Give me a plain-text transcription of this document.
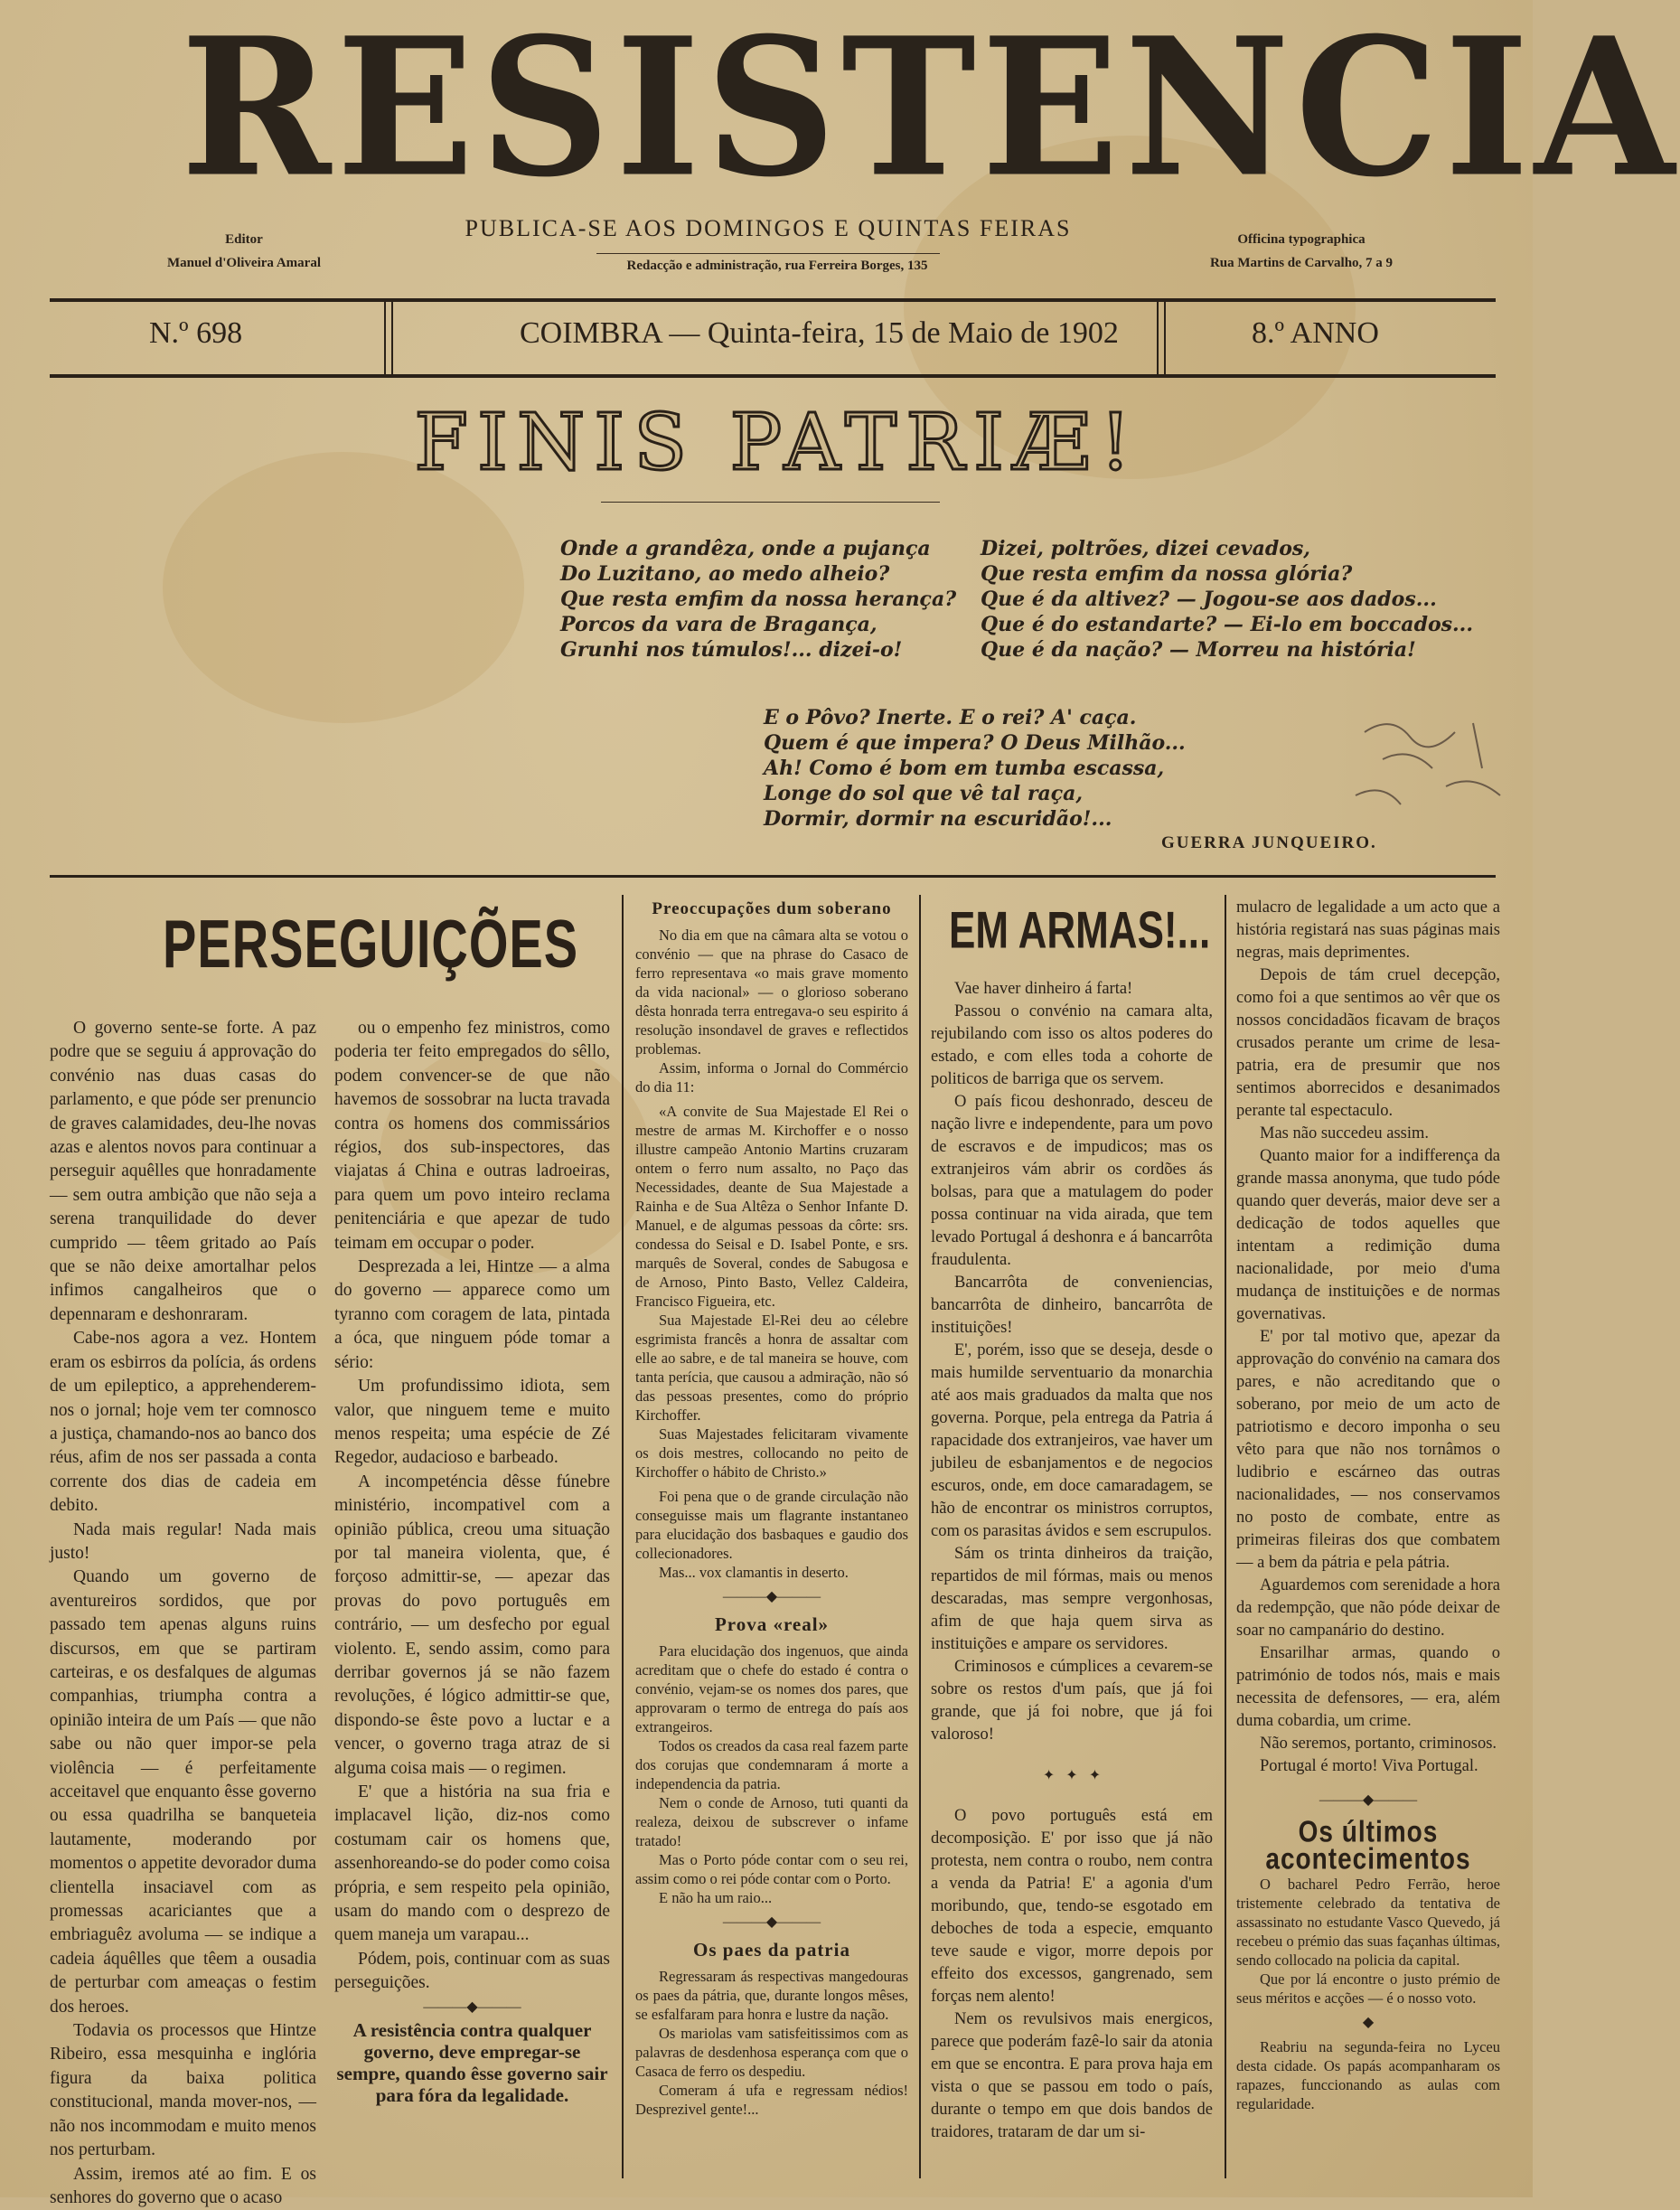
RESISTENCIA
Editor
Manuel d'Oliveira Amaral
PUBLICA-SE AOS DOMINGOS E QUINTAS FEIRAS
Redacção e administração, rua Ferreira Borges, 135
Officina typographica
Rua Martins de Carvalho, 7 a 9
N.º 698	COIMBRA — Quinta-feira, 15 de Maio de 1902	8.º ANNO
FINIS PATRIÆ!
Onde a grandêza, onde a pujança
Do Luzitano, ao medo alheio?
Que resta emfim da nossa herança?
Porcos da vara de Bragança,
Grunhi nos túmulos!... dizei-o!
Dizei, poltrões, dizei cevados,
Que resta emfim da nossa glória?
Que é da altivez? — Jogou-se aos dados...
Que é do estandarte? — Ei-lo em boccados...
Que é da nação? — Morreu na história!
E o Pôvo? Inerte. E o rei? A' caça.
Quem é que impera? O Deus Milhão...
Ah! Como é bom em tumba escassa,
Longe do sol que vê tal raça,
Dormir, dormir na escuridão!...
GUERRA JUNQUEIRO.
PERSEGUIÇÕES

O governo sente-se forte. A paz podre que se seguiu á approvação do convénio nas duas casas do parlamento, e que póde ser prenuncio de graves calamidades, deu-lhe novas azas e alentos novos para continuar a perseguir aquêlles que honradamente — sem outra ambição que não seja a serena tranquilidade do dever cumprido — têem gritado ao País que se não deixe amortalhar pelos infimos cangalheiros que o depennaram e deshonraram.

Cabe-nos agora a vez. Hontem eram os esbirros da polícia, ás ordens de um epileptico, a apprehenderem-nos o jornal; hoje vem ter comnosco a justiça, chamando-nos ao banco dos réus, afim de nos ser passada a conta corrente dos dias de cadeia em debito.

Nada mais regular! Nada mais justo!

Quando um governo de aventureiros sordidos, que por passado tem apenas alguns ruins discursos, em que se partiram carteiras, e os desfalques de algumas companhias, triumpha contra a opinião inteira de um País — que não sabe ou não quer impor-se pela violência — é perfeitamente acceitavel que enquanto êsse governo ou essa quadrilha se banqueteia lautamente, moderando por momentos o appetite devorador duma clientella insaciavel com as promessas acariciantes que a embriaguêz avoluma — se indique a cadeia áquêlles que têem a ousadia de perturbar com ameaças o festim dos heroes.

Todavia os processos que Hintze Ribeiro, essa mesquinha e inglória figura da baixa politica constitucional, manda mover-nos, — não nos incommodam e muito menos nos perturbam.

Assim, iremos até ao fim. E os senhores do governo que o acaso

ou o empenho fez ministros, como poderia ter feito empregados do sêllo, podem convencer-se de que não havemos de sossobrar na lucta travada contra os homens dos commissários régios, dos sub-inspectores, das viajatas á China e outras ladroeiras, para quem um povo inteiro reclama penitenciária e que apezar de tudo teimam em occupar o poder.

Desprezada a lei, Hintze — a alma do governo — apparece como um tyranno com coragem de lata, pintada a óca, que ninguem póde tomar a sério:

Um profundissimo idiota, sem valor, que ninguem teme e muito menos respeita; uma espécie de Zé Regedor, audacioso e barbeado.

A incompeténcia dêsse fúnebre ministério, incompativel com a opinião pública, creou uma situação por tal maneira violenta, que, é forçoso admittir-se, — apezar das provas do povo português em contrário, — um desfecho por egual violento. E, sendo assim, como para derribar governos já se não fazem revoluções, é lógico admittir-se que, dispondo-se êste povo a luctar e a vencer, o governo traga atraz de si alguma coisa mais — o regimen.

E' que a história na sua fria e implacavel lição, diz-nos como costumam cair os homens que, assenhoreando-se do poder como coisa própria, e sem respeito pela opinião, usam do mando com o desprezo de quem maneja um varapau...

Pódem, pois, continuar com as suas perseguições.

———◆———

A resistência contra qualquer governo, deve empregar-se sempre, quando êsse governo sair para fóra da legalidade.

Preoccupações dum soberano

No dia em que na câmara alta se votou o convénio — que na phrase do Casaco de ferro representava «o mais grave momento da vida nacional» — o glorioso soberano dêsta honrada terra entregava-o seu espirito á resolução insondavel de graves e reflectidos problemas.

Assim, informa o Jornal do Commércio do dia 11:

«A convite de Sua Majestade El Rei o mestre de armas M. Kirchoffer e o nosso illustre campeão Antonio Martins cruzaram ontem o ferro num assalto, no Paço das Necessidades, deante de Sua Majestade a Rainha e de Sua Altêza o Senhor Infante D. Manuel, e de algumas pessoas da côrte: srs. condessa do Seisal e D. Isabel Ponte, e srs. marquês de Soveral, condes de Sabugosa e de Arnoso, Pinto Basto, Vellez Caldeira, Francisco Figueira, etc.

Sua Majestade El-Rei deu ao célebre esgrimista francês a honra de assaltar com elle ao sabre, e de tal maneira se houve, com tanta perícia, que causou a admiração, não só das pessoas presentes, como do próprio Kirchoffer.

Suas Majestades felicitaram vivamente os dois mestres, collocando no peito de Kirchoffer o hábito de Christo.»

Foi pena que o de grande circulação não conseguisse mais um flagrante instantaneo para elucidação dos basbaques e gaudio dos collecionadores.

Mas... vox clamantis in deserto.

———◆———
Prova «real»

Para elucidação dos ingenuos, que ainda acreditam que o chefe do estado é contra o convénio, vejam-se os nomes dos pares, que approvaram o termo de entrega do país aos extrangeiros.

Todos os creados da casa real fazem parte dos corujas que condemnaram á morte a independencia da patria.

Nem o conde de Arnoso, tuti quanti da realeza, deixou de subscrever o infame tratado!

Mas o Porto póde contar com o seu rei, assim como o rei póde contar com o Porto.

E não ha um raio...

———◆———
Os paes da patria

Regressaram ás respectivas mangedouras os paes da pátria, que, durante longos mêses, se esfalfaram para honra e lustre da nação.

Os mariolas vam satisfeitissimos com as palavras de desdenhosa esperança com que o Casaca de ferro os despediu.

Comeram á ufa e regressam nédios! Desprezivel gente!...

EM ARMAS!...

Vae haver dinheiro á farta!

Passou o convénio na camara alta, rejubilando com isso os altos poderes do estado, e com elles toda a cohorte de politicos de barriga que os servem.

O país ficou deshonrado, desceu de nação livre e independente, para um povo de escravos e de impudicos; mas os extranjeiros vám abrir os cordões ás bolsas, para que a matulagem do poder possa continuar na vida airada, que tem levado Portugal á deshonra e á bancarrôta fraudulenta.

Bancarrôta de conveniencias, bancarrôta de dinheiro, bancarrôta de instituições!

E', porém, isso que se deseja, desde o mais humilde serventuario da monarchia até aos mais graduados da malta que nos governa. Porque, pela entrega da Patria á rapacidade dos extranjeiros, vae haver um jubileu de esbanjamentos e de negocios escuros, onde, em doce camaradagem, se hão de encontrar os ministros corruptos, com os parasitas ávidos e sem escrupulos.

Sám os trinta dinheiros da traição, repartidos de mil fórmas, mais ou menos descaradas, mas sempre vergonhosas, afim de que haja quem sirva as instituições e ampare os servidores.

Criminosos e cúmplices a cevarem-se sobre os restos d'um país, que já foi grande, que já foi nobre, que já foi valoroso!

✦   ✦   ✦

O povo português está em decomposição. E' por isso que já não protesta, nem contra o roubo, nem contra a venda da Patria! E' a agonia d'um moribundo, que, tendo-se esgotado em deboches de toda a especie, emquanto teve saude e vigor, morre depois por effeito dos excessos, gangrenado, sem forças nem alento!

Nem os revulsivos mais energicos, parece que poderám fazê-lo sair da atonia em que se encontra. E para prova haja em vista o que se passou em todo o país, durante o tempo em que dois bandos de traidores, trataram de dar um si-

mulacro de legalidade a um acto que a história registará nas suas páginas mais negras, mais deprimentes.

Depois de tám cruel decepção, como foi a que sentimos ao vêr que os nossos concidadãos ficavam de braços crusados perante um crime de lesa-patria, era de presumir que nos sentimos aborrecidos e desanimados perante tal espectaculo.

Mas não succedeu assim.

Quanto maior for a indifferença da grande massa anonyma, que tudo póde quando quer deverás, maior deve ser a dedicação de todos aquelles que intentam a redimição duma nacionalidade, por meio d'uma mudança de instituições e de normas governativas.

E' por tal motivo que, apezar da approvação do convénio na camara dos pares, e não acreditando que o soberano, por meio de um acto de patriotismo e decoro imponha o seu vêto para que não nos tornâmos o ludibrio e escárneo das outras nacionalidades, — nos conservamos no posto de combate, entre as primeiras fileiras dos que combatem — a bem da pátria e pela pátria.

Aguardemos com serenidade a hora da redempção, que não póde deixar de soar no campanário do destino.

Ensarilhar armas, quando o património de todos nós, mais e mais necessita de defensores, — era, além duma cobardia, um crime.

Não seremos, portanto, criminosos.

Portugal é morto! Viva Portugal.

———◆———
Os últimos acontecimentos

O bacharel Pedro Ferrão, heroe tristemente celebrado da tentativa de assassinato no estudante Vasco Quevedo, já recebeu o prémio das suas façanhas últimas, sendo collocado na policia da capital.

Que por lá encontre o justo prémio de seus méritos e acções — é o nosso voto.

◆

Reabriu na segunda-feira no Lyceu desta cidade. Os papás acompanharam os rapazes, funccionando as aulas com regularidade.
